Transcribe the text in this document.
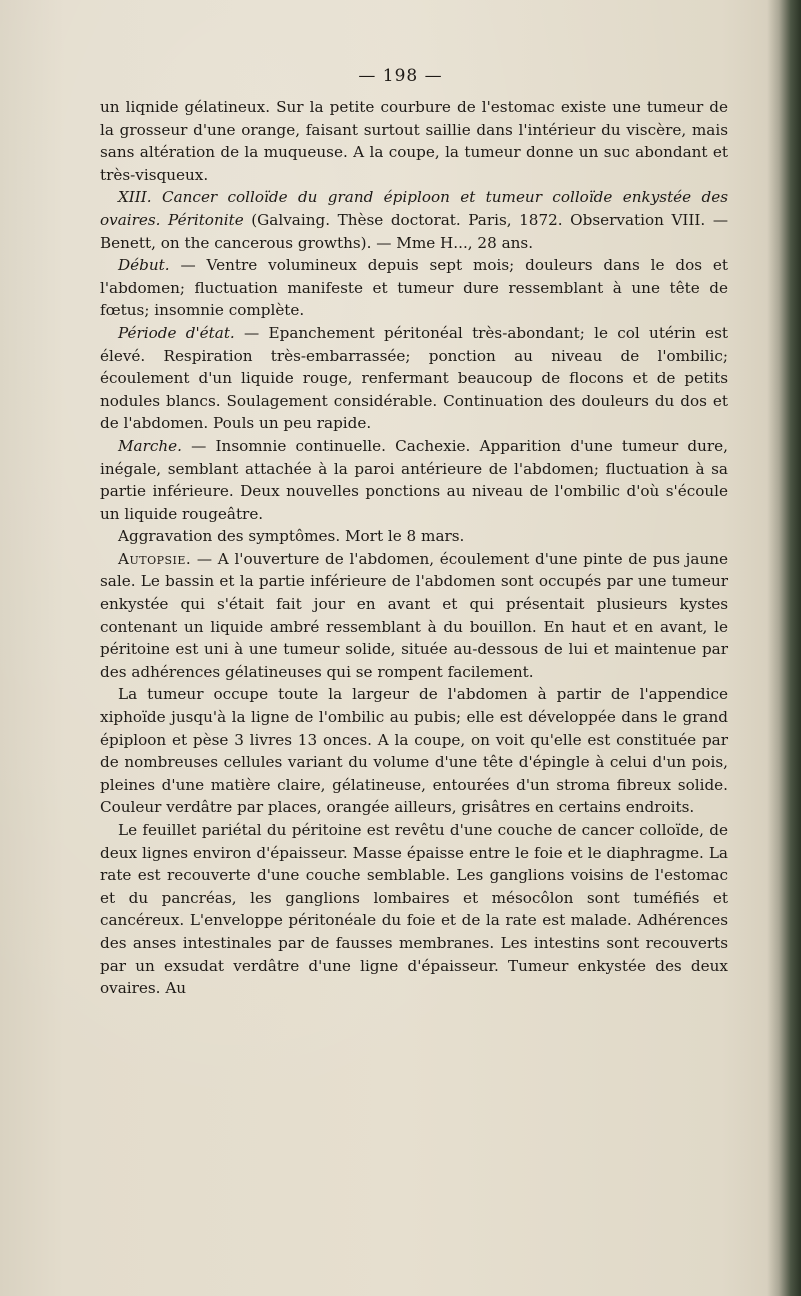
— 198 —

un liqnide gélatineux. Sur la petite courbure de l'estomac existe une tumeur de la grosseur d'une orange, faisant surtout saillie dans l'intérieur du viscère, mais sans altération de la muqueuse. A la coupe, la tumeur donne un suc abondant et très-visqueux.

XIII. Cancer colloïde du grand épiploon et tumeur colloïde enkystée des ovaires. Péritonite (Galvaing. Thèse doctorat. Paris, 1872. Observation VIII. — Benett, on the cancerous growths). — Mme H..., 28 ans.

Début. — Ventre volumineux depuis sept mois; douleurs dans le dos et l'abdomen; fluctuation manifeste et tumeur dure ressemblant à une tête de fœtus; insomnie complète.

Période d'état. — Epanchement péritonéal très-abondant; le col utérin est élevé. Respiration très-embarrassée; ponction au niveau de l'ombilic; écoulement d'un liquide rouge, renfermant beaucoup de flocons et de petits nodules blancs. Soulagement considérable. Continuation des douleurs du dos et de l'abdomen. Pouls un peu rapide.

Marche. — Insomnie continuelle. Cachexie. Apparition d'une tumeur dure, inégale, semblant attachée à la paroi antérieure de l'abdomen; fluctuation à sa partie inférieure. Deux nouvelles ponctions au niveau de l'ombilic d'où s'écoule un liquide rougeâtre.

Aggravation des symptômes. Mort le 8 mars.

Autopsie. — A l'ouverture de l'abdomen, écoulement d'une pinte de pus jaune sale. Le bassin et la partie inférieure de l'abdomen sont occupés par une tumeur enkystée qui s'était fait jour en avant et qui présentait plusieurs kystes contenant un liquide ambré ressemblant à du bouillon. En haut et en avant, le péritoine est uni à une tumeur solide, située au-dessous de lui et maintenue par des adhérences gélatineuses qui se rompent facilement.

La tumeur occupe toute la largeur de l'abdomen à partir de l'appendice xiphoïde jusqu'à la ligne de l'ombilic au pubis; elle est développée dans le grand épiploon et pèse 3 livres 13 onces. A la coupe, on voit qu'elle est constituée par de nombreuses cellules variant du volume d'une tête d'épingle à celui d'un pois, pleines d'une matière claire, gélatineuse, entourées d'un stroma fibreux solide. Couleur verdâtre par places, orangée ailleurs, grisâtres en certains endroits.

Le feuillet pariétal du péritoine est revêtu d'une couche de cancer colloïde, de deux lignes environ d'épaisseur. Masse épaisse entre le foie et le diaphragme. La rate est recouverte d'une couche semblable. Les ganglions voisins de l'estomac et du pancréas, les ganglions lombaires et mésocôlon sont tuméfiés et cancéreux. L'enveloppe péritonéale du foie et de la rate est malade. Adhérences des anses intestinales par de fausses membranes. Les intestins sont recouverts par un exsudat verdâtre d'une ligne d'épaisseur. Tumeur enkystée des deux ovaires. Au
